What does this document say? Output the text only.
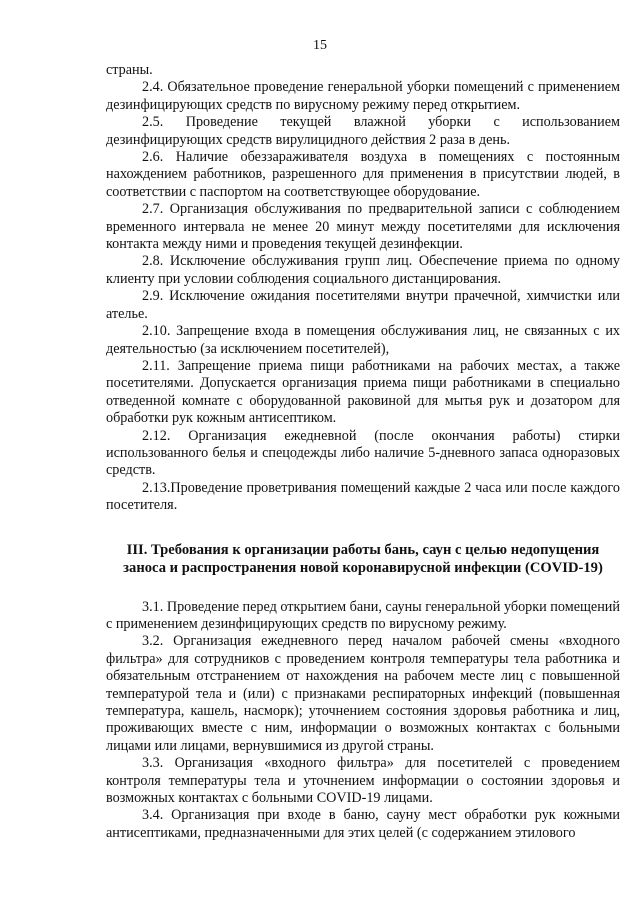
15

страны.

2.4. Обязательное проведение генеральной уборки помещений с применением дезинфицирующих средств по вирусному режиму перед открытием.

2.5. Проведение текущей влажной уборки с использованием дезинфицирующих средств вирулицидного действия 2 раза в день.

2.6. Наличие обеззараживателя воздуха в помещениях с постоянным нахождением работников, разрешенного для применения в присутствии людей, в соответствии с паспортом на соответствующее оборудование.

2.7. Организация обслуживания по предварительной записи с соблюдением временного интервала не менее 20 минут между посетителями для исключения контакта между ними и проведения текущей дезинфекции.

2.8. Исключение обслуживания групп лиц. Обеспечение приема по одному клиенту при условии соблюдения социального дистанцирования.

2.9. Исключение ожидания посетителями внутри прачечной, химчистки или ателье.

2.10. Запрещение входа в помещения обслуживания лиц, не связанных с их деятельностью (за исключением посетителей),

2.11. Запрещение приема пищи работниками на рабочих местах, а также посетителями. Допускается организация приема пищи работниками в специально отведенной комнате с оборудованной раковиной для мытья рук и дозатором для обработки рук кожным антисептиком.

2.12. Организация ежедневной (после окончания работы) стирки использованного белья и спецодежды либо наличие 5-дневного запаса одноразовых средств.

2.13.Проведение проветривания помещений каждые 2 часа или после каждого посетителя.

III. Требования к организации работы бань, саун с целью недопущения заноса и распространения новой коронавирусной инфекции (COVID-19)

3.1. Проведение перед открытием бани, сауны генеральной уборки помещений с применением дезинфицирующих средств по вирусному режиму.

3.2. Организация ежедневного перед началом рабочей смены «входного фильтра» для сотрудников с проведением контроля температуры тела работника и обязательным отстранением от нахождения на рабочем месте лиц с повышенной температурой тела и (или) с признаками респираторных инфекций (повышенная температура, кашель, насморк); уточнением состояния здоровья работника и лиц, проживающих вместе с ним, информации о возможных контактах с больными лицами или лицами, вернувшимися из другой страны.

3.3. Организация «входного фильтра» для посетителей с проведением контроля температуры тела и уточнением информации о состоянии здоровья и возможных контактах с больными COVID-19 лицами.

3.4. Организация при входе в баню, сауну мест обработки рук кожными антисептиками, предназначенными для этих целей (с содержанием этилового
